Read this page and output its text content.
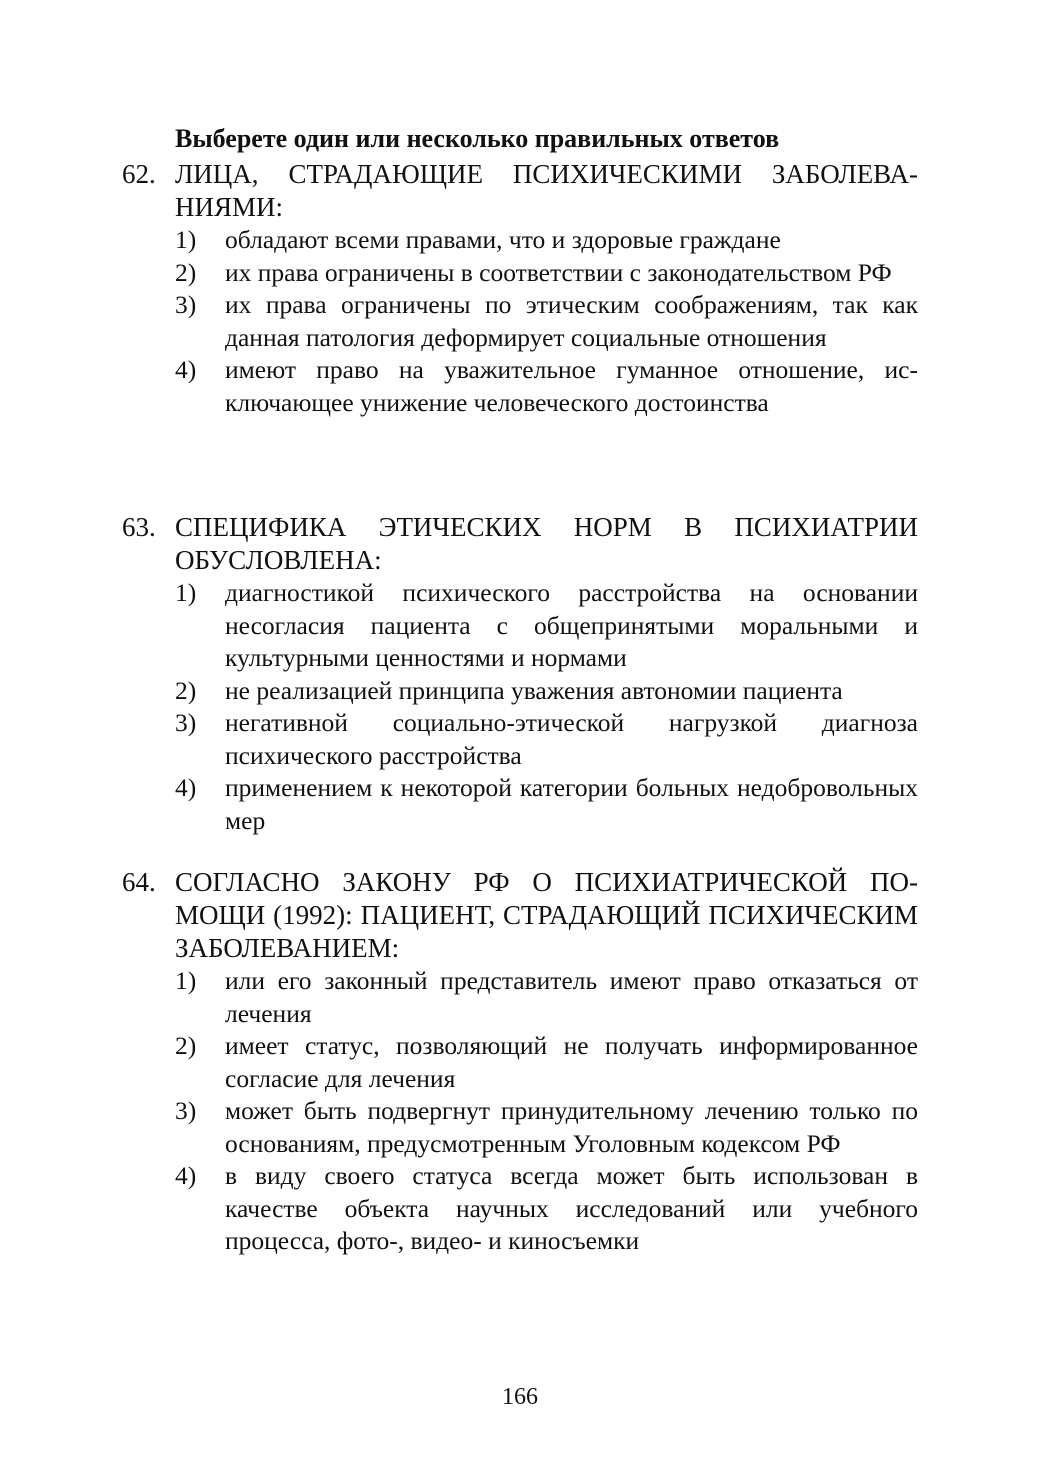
Выберете один или несколько правильных ответов
62. ЛИЦА, СТРАДАЮЩИЕ ПСИХИЧЕСКИМИ ЗАБОЛЕВАНИЯМИ:
1) обладают всеми правами, что и здоровые граждане
2) их права ограничены в соответствии с законодательством РФ
3) их права ограничены по этическим соображениям, так как данная патология деформирует социальные отношения
4) имеют право на уважительное гуманное отношение, исключающее унижение человеческого достоинства
63. СПЕЦИФИКА ЭТИЧЕСКИХ НОРМ В ПСИХИАТРИИ ОБУСЛОВЛЕНА:
1) диагностикой психического расстройства на основании несогласия пациента с общепринятыми моральными и культурными ценностями и нормами
2) не реализацией принципа уважения автономии пациента
3) негативной социально-этической нагрузкой диагноза психического расстройства
4) применением к некоторой категории больных недобровольных мер
64. СОГЛАСНО ЗАКОНУ РФ О ПСИХИАТРИЧЕСКОЙ ПОМОЩИ (1992): ПАЦИЕНТ, СТРАДАЮЩИЙ ПСИХИЧЕСКИМ ЗАБОЛЕВАНИЕМ:
1) или его законный представитель имеют право отказаться от лечения
2) имеет статус, позволяющий не получать информированное согласие для лечения
3) может быть подвергнут принудительному лечению только по основаниям, предусмотренным Уголовным кодексом РФ
4) в виду своего статуса всегда может быть использован в качестве объекта научных исследований или учебного процесса, фото-, видео- и киносъемки
166
